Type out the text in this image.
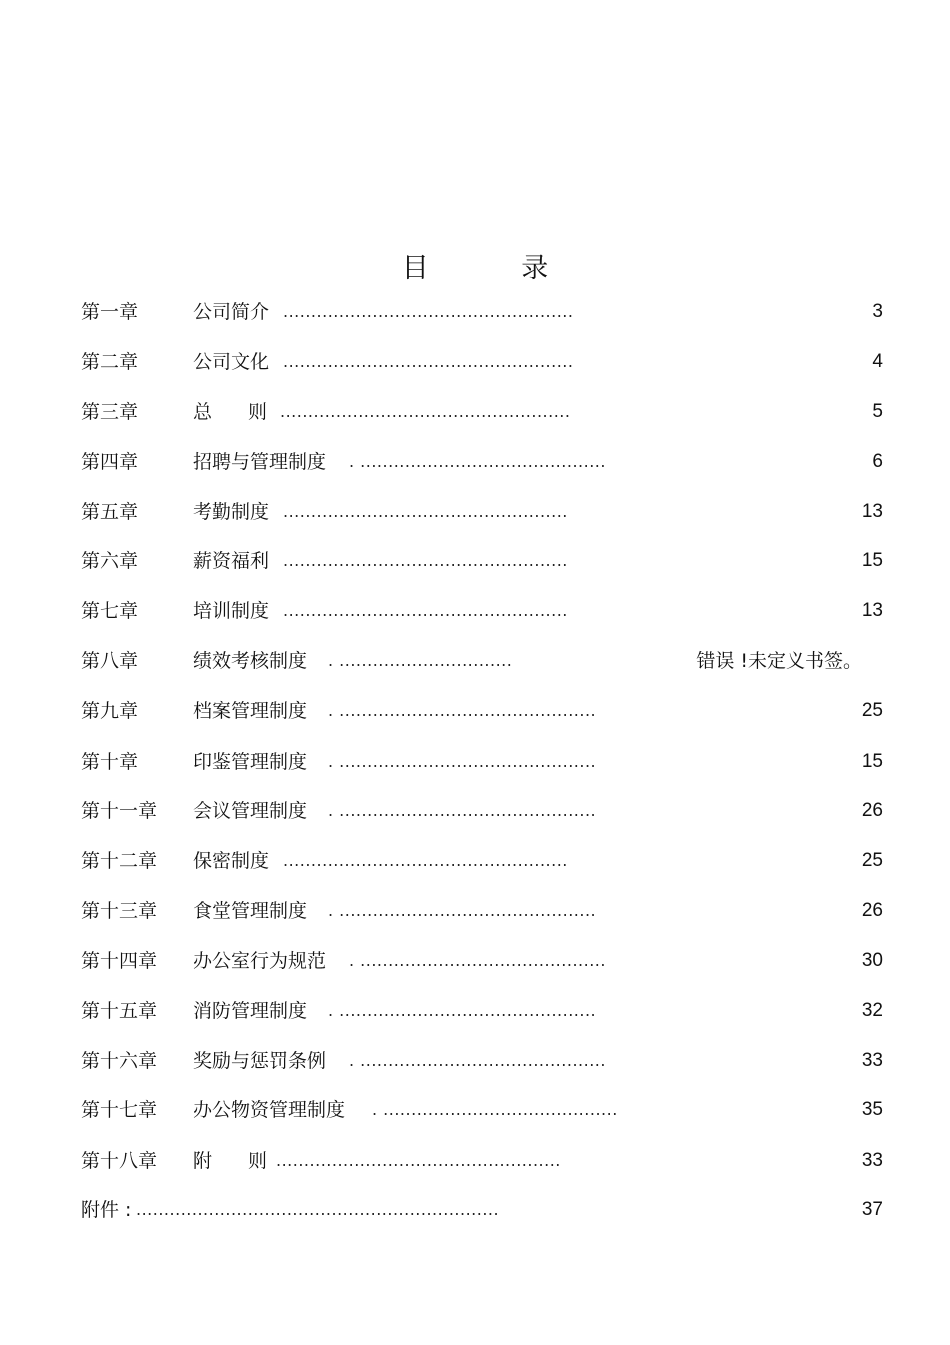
目 录
第一章	公司简介 ....................................................	3
第二章	公司文化 ....................................................	4
第三章	总 则 ....................................................	5
第四章	招聘与管理制度 . ............................................	6
第五章	考勤制度 ...................................................	13
第六章	薪资福利 ...................................................	15
第七章	培训制度 ...................................................	13
第八章	绩效考核制度 . ...............................	错误 !未定义书签。
第九章	档案管理制度 . ..............................................	25
第十章	印鉴管理制度 . ..............................................	15
第十一章 会议管理制度 . ..............................................	26
第十二章 保密制度 ...................................................	25
第十三章 食堂管理制度 . ..............................................	26
第十四章 办公室行为规范 . ............................................	30
第十五章 消防管理制度 . ..............................................	32
第十六章 奖励与惩罚条例 . ............................................	33
第十七章 办公物资管理制度 . ..........................................	35
第十八章 附 则 ...................................................	33
附件 : .................................................................	37
